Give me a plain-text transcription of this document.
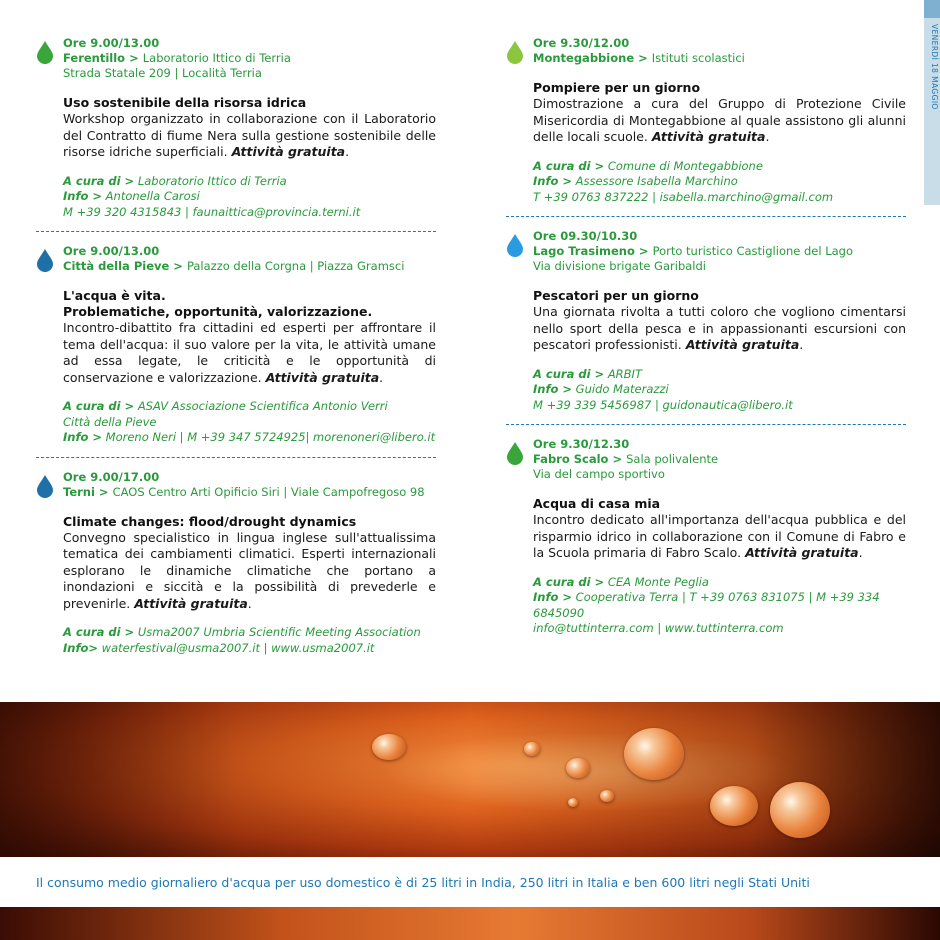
VENERDÌ 18 MAGGIO
Ore 9.00/13.00
Ferentillo > Laboratorio Ittico di Terria
Strada Statale 209 | Località Terria
Uso sostenibile della risorsa idrica
Workshop organizzato in collaborazione con il Laboratorio del Contratto di fiume Nera sulla gestione sostenibile delle risorse idriche superficiali. Attività gratuita.
A cura di > Laboratorio Ittico di Terria
Info > Antonella Carosi
M +39 320 4315843 | faunaittica@provincia.terni.it
Ore 9.00/13.00
Città della Pieve > Palazzo della Corgna | Piazza Gramsci
L'acqua è vita.
Problematiche, opportunità, valorizzazione.
Incontro-dibattito fra cittadini ed esperti per affrontare il tema dell'acqua: il suo valore per la vita, le attività umane ad essa legate, le criticità e le opportunità di conservazione e valorizzazione. Attività gratuita.
A cura di > ASAV Associazione Scientifica Antonio Verri
Città della Pieve
Info > Moreno Neri | M +39 347 5724925| morenoneri@libero.it
Ore 9.00/17.00
Terni > CAOS Centro Arti Opificio Siri | Viale Campofregoso 98
Climate changes: flood/drought dynamics
Convegno specialistico in lingua inglese sull'attualissima tematica dei cambiamenti climatici. Esperti internazionali esplorano le dinamiche climatiche che portano a inondazioni e siccità e la possibilità di prevederle e prevenirle. Attività gratuita.
A cura di > Usma2007 Umbria Scientific Meeting Association
Info> waterfestival@usma2007.it | www.usma2007.it
Ore 9.30/12.00
Montegabbione > Istituti scolastici
Pompiere per un giorno
Dimostrazione a cura del Gruppo di Protezione Civile Misericordia di Montegabbione al quale assistono gli alunni delle locali scuole. Attività gratuita.
A cura di > Comune di Montegabbione
Info > Assessore Isabella Marchino
T +39 0763 837222 | isabella.marchino@gmail.com
Ore 09.30/10.30
Lago Trasimeno > Porto turistico Castiglione del Lago
Via divisione brigate Garibaldi
Pescatori per un giorno
Una giornata rivolta a tutti coloro che vogliono cimentarsi nello sport della pesca e in appassionanti escursioni con pescatori professionisti. Attività gratuita.
A cura di > ARBIT
Info > Guido Materazzi
M +39 339 5456987 | guidonautica@libero.it
Ore 9.30/12.30
Fabro Scalo > Sala polivalente
Via del campo sportivo
Acqua di casa mia
Incontro dedicato all'importanza dell'acqua pubblica e del risparmio idrico in collaborazione con il Comune di Fabro e la Scuola primaria di Fabro Scalo. Attività gratuita.
A cura di > CEA Monte Peglia
Info > Cooperativa Terra | T +39 0763 831075 | M +39 334 6845090
info@tuttinterra.com | www.tuttinterra.com
Il consumo medio giornaliero d'acqua per uso domestico è di 25 litri in India, 250 litri in Italia e ben 600 litri negli Stati Uniti
